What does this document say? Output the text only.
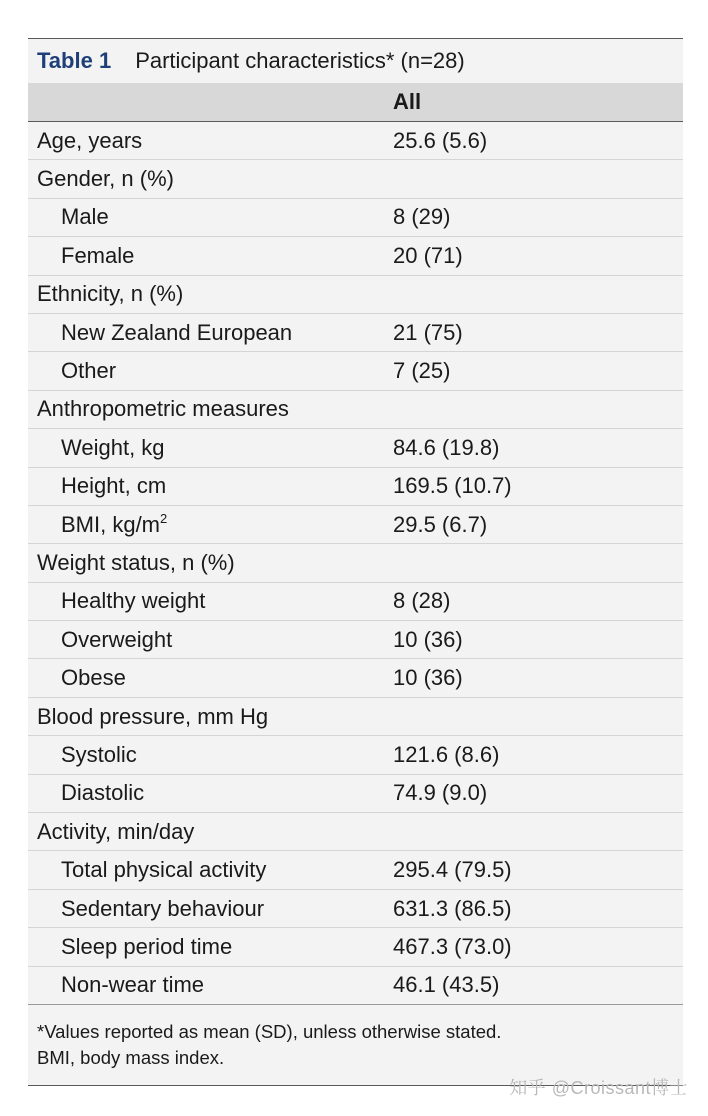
Table 1 Participant characteristics* (n=28)
All
Age, years	25.6 (5.6)
Gender, n (%)
Male	8 (29)
Female	20 (71)
Ethnicity, n (%)
New Zealand European	21 (75)
Other	7 (25)
Anthropometric measures
Weight, kg	84.6 (19.8)
Height, cm	169.5 (10.7)
BMI, $kg/m^2$	29.5 (6.7)
Weight status, n (%)
Healthy weight	8 (28)
Overweight	10 (36)
Obese	10 (36)
Blood pressure, mm Hg
Systolic	121.6 (8.6)
Diastolic	74.9 (9.0)
Activity, min/day
Total physical activity	295.4 (79.5)
Sedentary behaviour	631.3 (86.5)
Sleep period time	467.3 (73.0)
Non-wear time	46.1 (43.5)
*Values reported as mean (SD), unless otherwise stated.
BMI, body mass index.
知乎 @Croissant博士
